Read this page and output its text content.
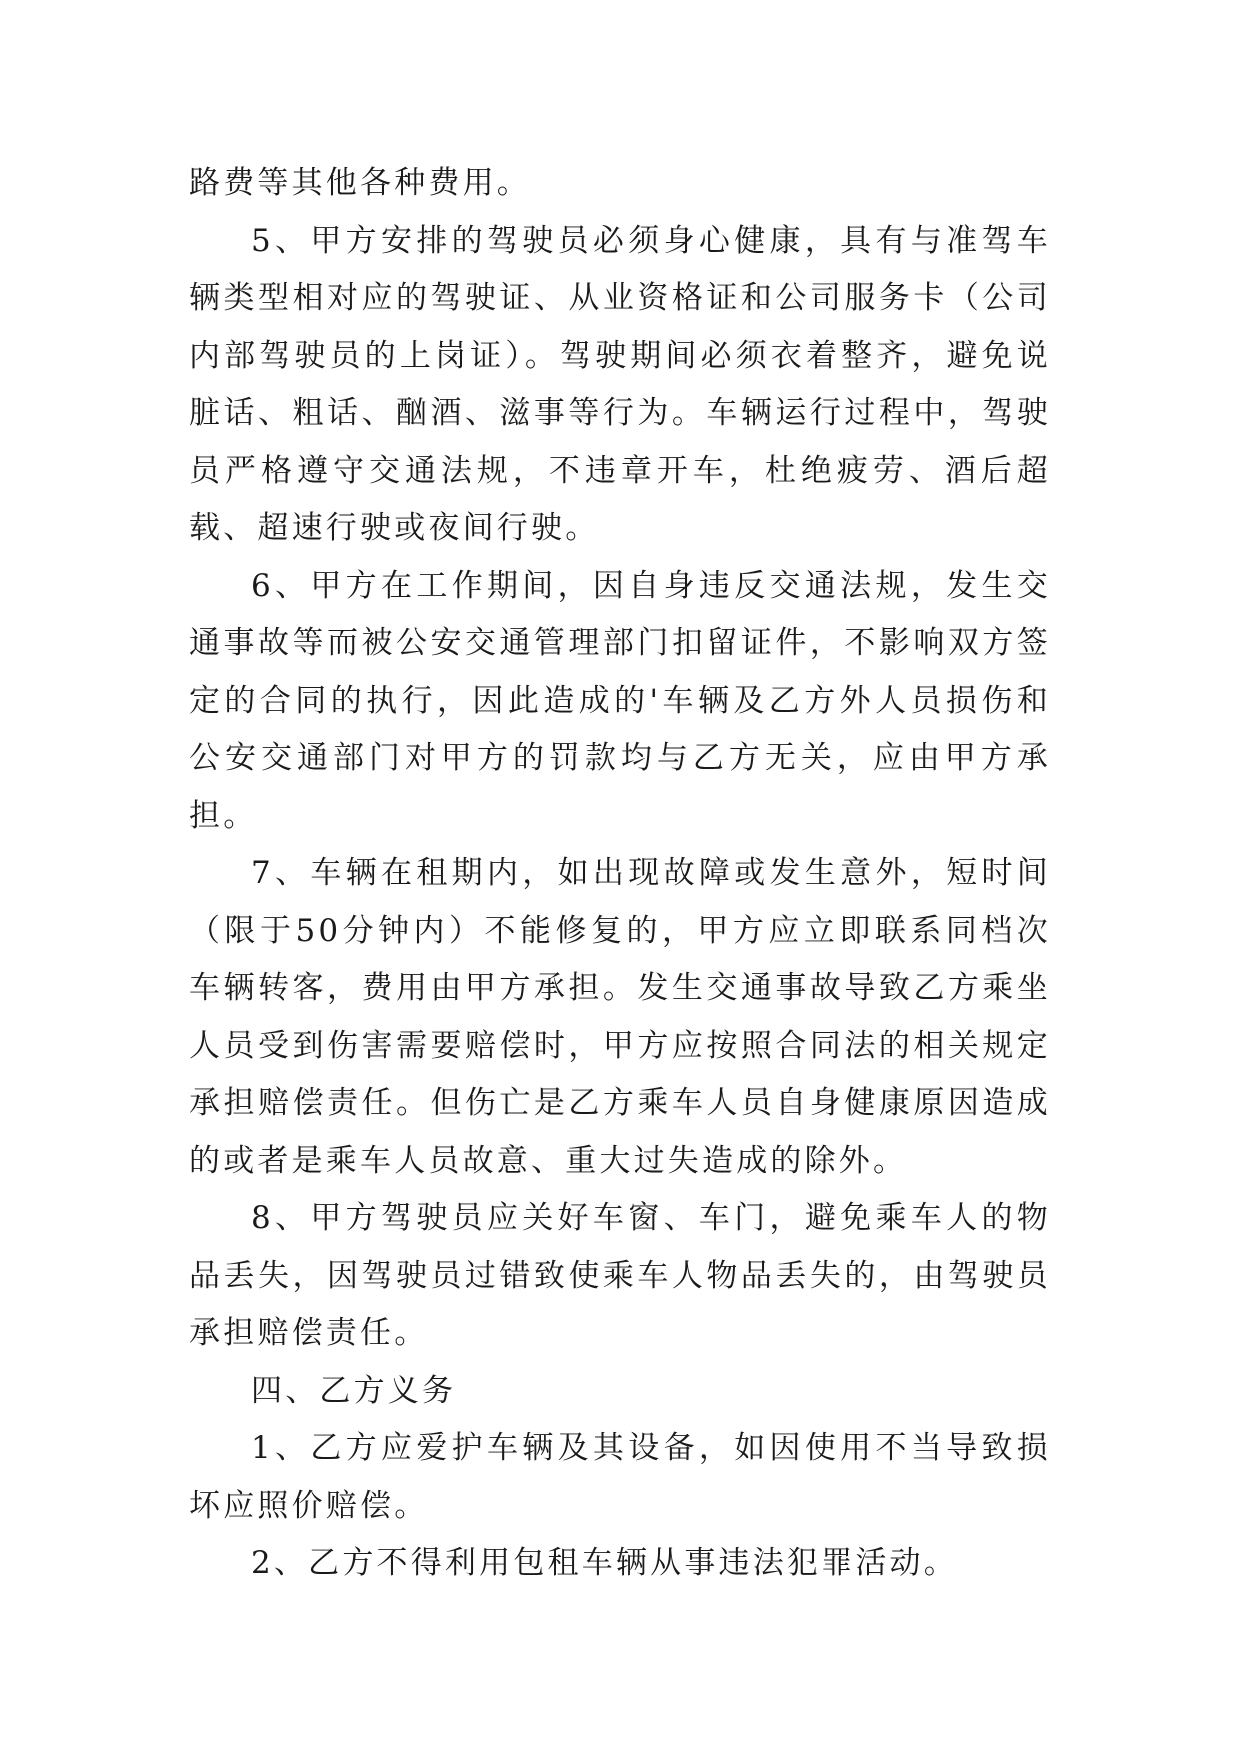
路费等其他各种费用。

5、甲方安排的驾驶员必须身心健康，具有与准驾车辆类型相对应的驾驶证、从业资格证和公司服务卡（公司内部驾驶员的上岗证）。驾驶期间必须衣着整齐，避免说脏话、粗话、酗酒、滋事等行为。车辆运行过程中，驾驶员严格遵守交通法规，不违章开车，杜绝疲劳、酒后超载、超速行驶或夜间行驶。

6、甲方在工作期间，因自身违反交通法规，发生交通事故等而被公安交通管理部门扣留证件，不影响双方签定的合同的执行，因此造成的'车辆及乙方外人员损伤和公安交通部门对甲方的罚款均与乙方无关，应由甲方承担。

7、车辆在租期内，如出现故障或发生意外，短时间（限于50分钟内）不能修复的，甲方应立即联系同档次车辆转客，费用由甲方承担。发生交通事故导致乙方乘坐人员受到伤害需要赔偿时，甲方应按照合同法的相关规定承担赔偿责任。但伤亡是乙方乘车人员自身健康原因造成的或者是乘车人员故意、重大过失造成的除外。

8、甲方驾驶员应关好车窗、车门，避免乘车人的物品丢失，因驾驶员过错致使乘车人物品丢失的，由驾驶员承担赔偿责任。

四、乙方义务

1、乙方应爱护车辆及其设备，如因使用不当导致损坏应照价赔偿。

2、乙方不得利用包租车辆从事违法犯罪活动。
